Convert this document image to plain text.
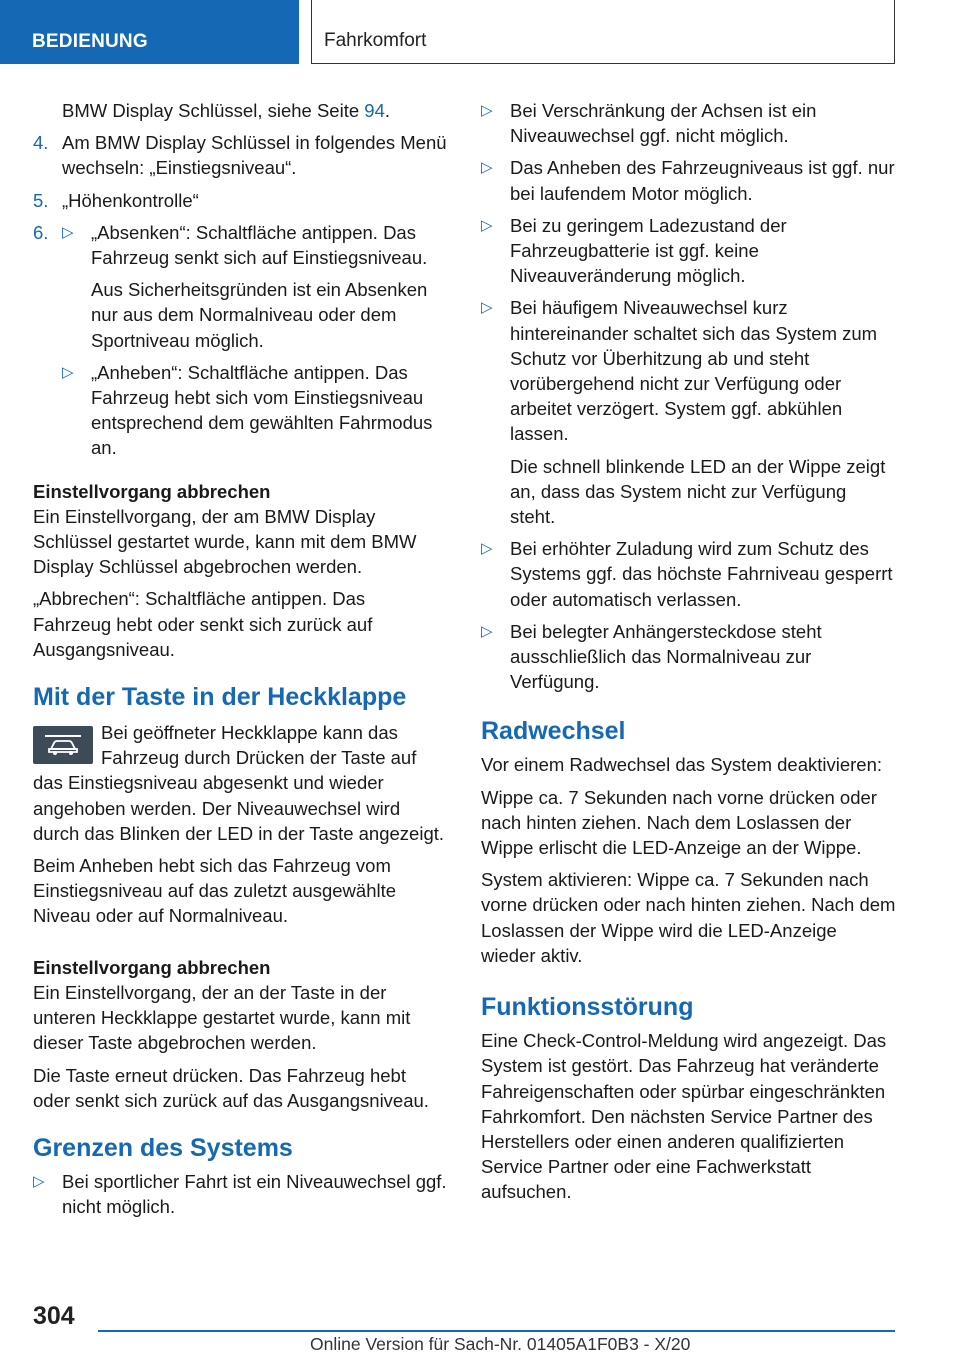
BEDIENUNG	Fahrkomfort
BMW Display Schlüssel, siehe Seite 94.
4. Am BMW Display Schlüssel in folgendes Menü wechseln: „Einstiegsniveau“.
5. „Höhenkontrolle“
6. ▷ „Absenken“: Schaltfläche antippen. Das Fahrzeug senkt sich auf Einstiegsniveau.
Aus Sicherheitsgründen ist ein Absenken nur aus dem Normalniveau oder dem Sportniveau möglich.
▷ „Anheben“: Schaltfläche antippen. Das Fahrzeug hebt sich vom Einstiegsniveau entsprechend dem gewählten Fahrmodus an.
Einstellvorgang abbrechen
Ein Einstellvorgang, der am BMW Display Schlüssel gestartet wurde, kann mit dem BMW Display Schlüssel abgebrochen werden.
„Abbrechen“: Schaltfläche antippen. Das Fahrzeug hebt oder senkt sich zurück auf Ausgangsniveau.
Mit der Taste in der Heckklappe
Bei geöffneter Heckklappe kann das Fahrzeug durch Drücken der Taste auf das Einstiegsniveau abgesenkt und wieder angehoben werden. Der Niveauwechsel wird durch das Blinken der LED in der Taste angezeigt.
Beim Anheben hebt sich das Fahrzeug vom Einstiegsniveau auf das zuletzt ausgewählte Niveau oder auf Normalniveau.
Einstellvorgang abbrechen
Ein Einstellvorgang, der an der Taste in der unteren Heckklappe gestartet wurde, kann mit dieser Taste abgebrochen werden.
Die Taste erneut drücken. Das Fahrzeug hebt oder senkt sich zurück auf das Ausgangsniveau.
Grenzen des Systems
▷ Bei sportlicher Fahrt ist ein Niveauwechsel ggf. nicht möglich.
▷ Bei Verschränkung der Achsen ist ein Niveauwechsel ggf. nicht möglich.
▷ Das Anheben des Fahrzeugniveaus ist ggf. nur bei laufendem Motor möglich.
▷ Bei zu geringem Ladezustand der Fahrzeugbatterie ist ggf. keine Niveauveränderung möglich.
▷ Bei häufigem Niveauwechsel kurz hintereinander schaltet sich das System zum Schutz vor Überhitzung ab und steht vorübergehend nicht zur Verfügung oder arbeitet verzögert. System ggf. abkühlen lassen.
Die schnell blinkende LED an der Wippe zeigt an, dass das System nicht zur Verfügung steht.
▷ Bei erhöhter Zuladung wird zum Schutz des Systems ggf. das höchste Fahrniveau gesperrt oder automatisch verlassen.
▷ Bei belegter Anhängersteckdose steht ausschließlich das Normalniveau zur Verfügung.
Radwechsel
Vor einem Radwechsel das System deaktivieren:
Wippe ca. 7 Sekunden nach vorne drücken oder nach hinten ziehen. Nach dem Loslassen der Wippe erlischt die LED-Anzeige an der Wippe.
System aktivieren: Wippe ca. 7 Sekunden nach vorne drücken oder nach hinten ziehen. Nach dem Loslassen der Wippe wird die LED-Anzeige wieder aktiv.
Funktionsstörung
Eine Check-Control-Meldung wird angezeigt. Das System ist gestört. Das Fahrzeug hat veränderte Fahreigenschaften oder spürbar eingeschränkten Fahrkomfort. Den nächsten Service Partner des Herstellers oder einen anderen qualifizierten Service Partner oder eine Fachwerkstatt aufsuchen.
304
Online Version für Sach-Nr. 01405A1F0B3 - X/20
